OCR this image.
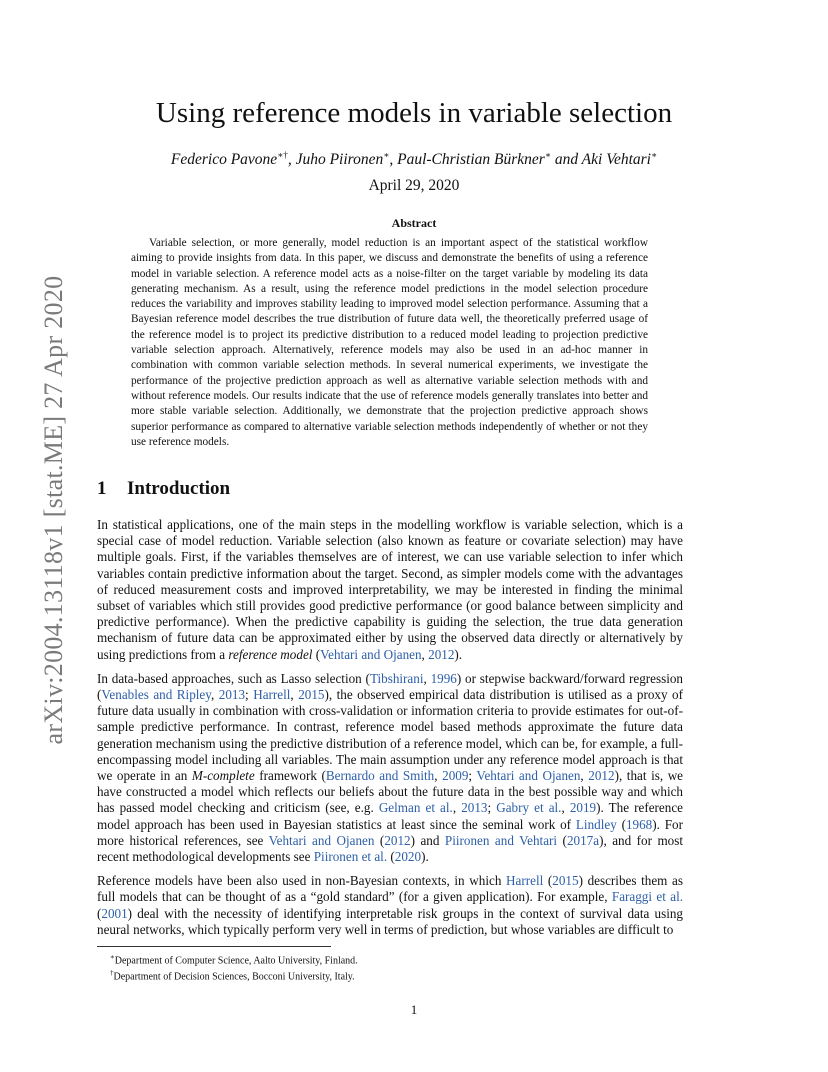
arXiv:2004.13118v1 [stat.ME] 27 Apr 2020
Using reference models in variable selection
Federico Pavone∗†, Juho Piironen∗, Paul-Christian Bürkner∗ and Aki Vehtari∗
April 29, 2020
Abstract

Variable selection, or more generally, model reduction is an important aspect of the statistical workflow aiming to provide insights from data. In this paper, we discuss and demonstrate the benefits of using a reference model in variable selection. A reference model acts as a noise-filter on the target variable by modeling its data generating mechanism. As a result, using the reference model predictions in the model selection procedure reduces the variability and improves stability leading to improved model selection performance. Assuming that a Bayesian reference model describes the true distribution of future data well, the theoretically preferred usage of the reference model is to project its predictive distribution to a reduced model leading to projection predictive variable selection approach. Alternatively, reference models may also be used in an ad-hoc manner in combination with common variable selection methods. In several numerical experiments, we investigate the performance of the projective prediction approach as well as alternative variable selection methods with and without reference models. Our results indicate that the use of reference models generally translates into better and more stable variable selection. Additionally, we demonstrate that the projection predictive approach shows superior performance as compared to alternative variable selection methods independently of whether or not they use reference models.

1 Introduction

In statistical applications, one of the main steps in the modelling workflow is variable selection, which is a special case of model reduction. Variable selection (also known as feature or covariate selection) may have multiple goals. First, if the variables themselves are of interest, we can use variable selection to infer which variables contain predictive information about the target. Second, as simpler models come with the advantages of reduced measurement costs and improved interpretability, we may be interested in finding the minimal subset of variables which still provides good predictive performance (or good balance between simplicity and predictive performance). When the predictive capability is guiding the selection, the true data generation mechanism of future data can be approximated either by using the observed data directly or alternatively by using predictions from a reference model (Vehtari and Ojanen, 2012).

In data-based approaches, such as Lasso selection (Tibshirani, 1996) or stepwise backward/forward regression (Venables and Ripley, 2013; Harrell, 2015), the observed empirical data distribution is utilised as a proxy of future data usually in combination with cross-validation or information criteria to provide estimates for out-of-sample predictive performance. In contrast, reference model based methods approximate the future data generation mechanism using the predictive distribution of a reference model, which can be, for example, a full-encompassing model including all variables. The main assumption under any reference model approach is that we operate in an M-complete framework (Bernardo and Smith, 2009; Vehtari and Ojanen, 2012), that is, we have constructed a model which reflects our beliefs about the future data in the best possible way and which has passed model checking and criticism (see, e.g. Gelman et al., 2013; Gabry et al., 2019). The reference model approach has been used in Bayesian statistics at least since the seminal work of Lindley (1968). For more historical references, see Vehtari and Ojanen (2012) and Piironen and Vehtari (2017a), and for most recent methodological developments see Piironen et al. (2020).

Reference models have been also used in non-Bayesian contexts, in which Harrell (2015) describes them as full models that can be thought of as a “gold standard” (for a given application). For example, Faraggi et al. (2001) deal with the necessity of identifying interpretable risk groups in the context of survival data using neural networks, which typically perform very well in terms of prediction, but whose variables are difficult to

∗Department of Computer Science, Aalto University, Finland.
†Department of Decision Sciences, Bocconi University, Italy.
1
